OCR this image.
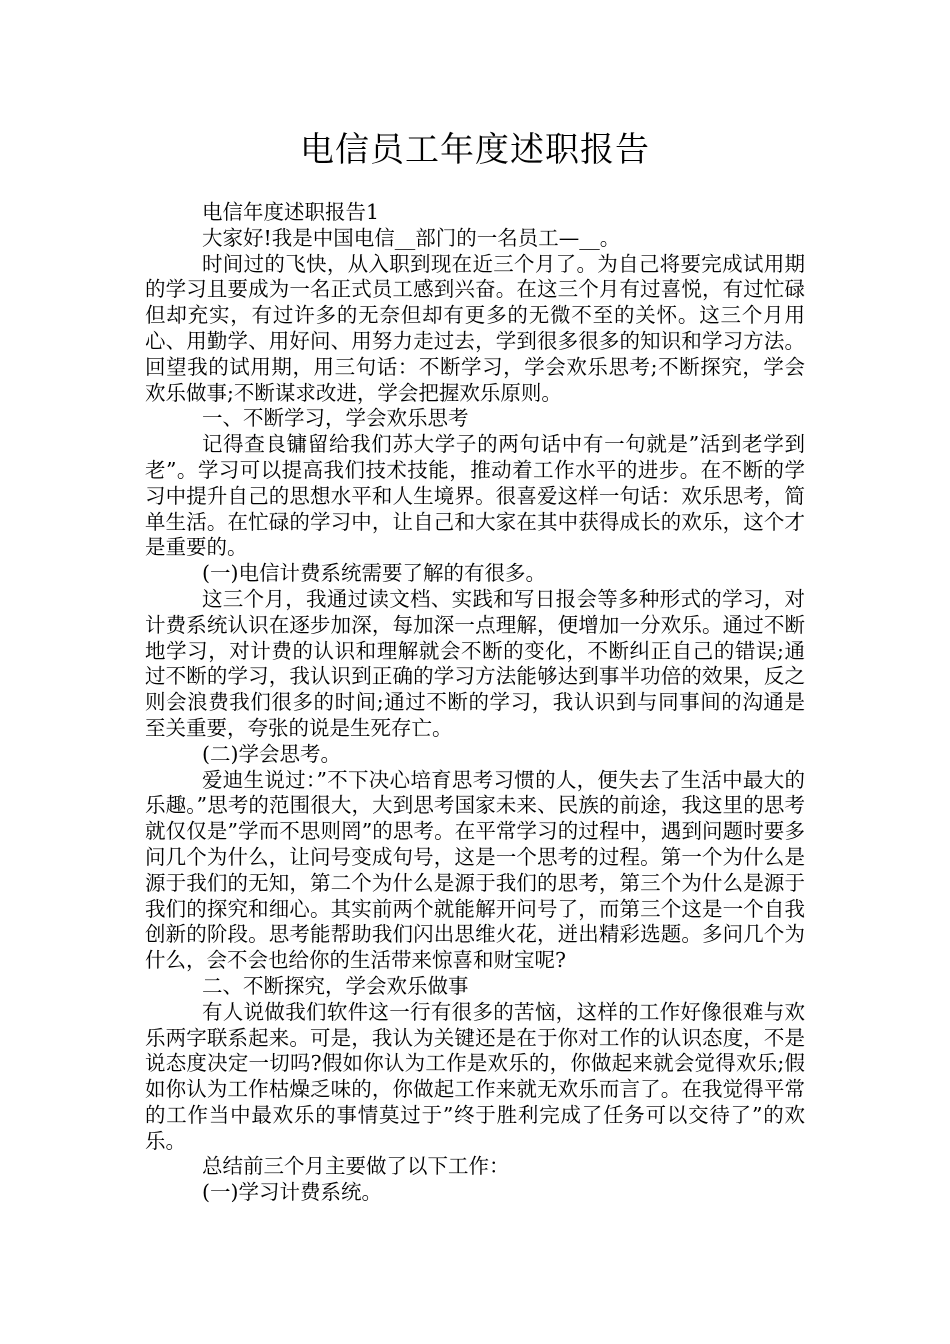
电信员工年度述职报告

电信年度述职报告1

大家好!我是中国电信__部门的一名员工—__。

时间过的飞快，从入职到现在近三个月了。为自己将要完成试用期的学习且要成为一名正式员工感到兴奋。在这三个月有过喜悦，有过忙碌但却充实，有过许多的无奈但却有更多的无微不至的关怀。这三个月用心、用勤学、用好问、用努力走过去，学到很多很多的知识和学习方法。回望我的试用期，用三句话：不断学习，学会欢乐思考;不断探究，学会欢乐做事;不断谋求改进，学会把握欢乐原则。

一、不断学习，学会欢乐思考

记得查良镛留给我们苏大学子的两句话中有一句就是”活到老学到老”。学习可以提高我们技术技能，推动着工作水平的进步。在不断的学习中提升自己的思想水平和人生境界。很喜爱这样一句话：欢乐思考，简单生活。在忙碌的学习中，让自己和大家在其中获得成长的欢乐，这个才是重要的。

(一)电信计费系统需要了解的有很多。

这三个月，我通过读文档、实践和写日报会等多种形式的学习，对计费系统认识在逐步加深，每加深一点理解，便增加一分欢乐。通过不断地学习，对计费的认识和理解就会不断的变化，不断纠正自己的错误;通过不断的学习，我认识到正确的学习方法能够达到事半功倍的效果，反之则会浪费我们很多的时间;通过不断的学习，我认识到与同事间的沟通是至关重要，夸张的说是生死存亡。

(二)学会思考。

爱迪生说过：”不下决心培育思考习惯的人，便失去了生活中最大的乐趣。”思考的范围很大，大到思考国家未来、民族的前途，我这里的思考就仅仅是”学而不思则罔”的思考。在平常学习的过程中，遇到问题时要多问几个为什么，让问号变成句号，这是一个思考的过程。第一个为什么是源于我们的无知，第二个为什么是源于我们的思考，第三个为什么是源于我们的探究和细心。其实前两个就能解开问号了，而第三个这是一个自我创新的阶段。思考能帮助我们闪出思维火花，迸出精彩选题。多问几个为什么，会不会也给你的生活带来惊喜和财宝呢?

二、不断探究，学会欢乐做事

有人说做我们软件这一行有很多的苦恼，这样的工作好像很难与欢乐两字联系起来。可是，我认为关键还是在于你对工作的认识态度，不是说态度决定一切吗?假如你认为工作是欢乐的，你做起来就会觉得欢乐;假如你认为工作枯燥乏味的，你做起工作来就无欢乐而言了。在我觉得平常的工作当中最欢乐的事情莫过于”终于胜利完成了任务可以交待了”的欢乐。

总结前三个月主要做了以下工作：

(一)学习计费系统。
